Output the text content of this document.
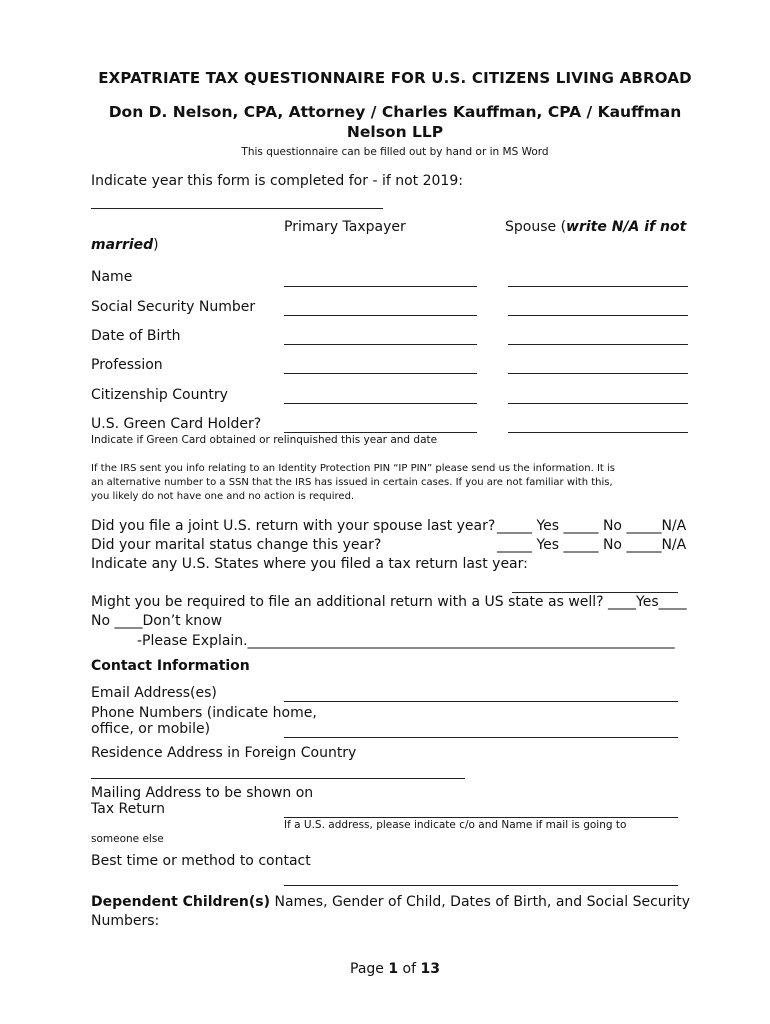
EXPATRIATE TAX QUESTIONNAIRE FOR U.S. CITIZENS LIVING ABROAD
Don D. Nelson, CPA, Attorney / Charles Kauffman, CPA / Kauffman
Nelson LLP
This questionnaire can be filled out by hand or in MS Word
Indicate year this form is completed for - if not 2019:
Primary Taxpayer	Spouse (write N/A if not
married)
Name
Social Security Number
Date of Birth
Profession
Citizenship Country
U.S. Green Card Holder?
Indicate if Green Card obtained or relinquished this year and date
If the IRS sent you info relating to an Identity Protection PIN “IP PIN” please send us the information. It is
an alternative number to a SSN that the IRS has issued in certain cases. If you are not familiar with this,
you likely do not have one and no action is required.
Did you file a joint U.S. return with your spouse last year? _____ Yes _____ No _____N/A
Did your marital status change this year?	_____ Yes _____ No _____N/A
Indicate any U.S. States where you filed a tax return last year:
Might you be required to file an additional return with a US state as well? ____Yes____
No ____Don’t know
-Please Explain._____________________________________________________________
Contact Information
Email Address(es)
Phone Numbers (indicate home,
office, or mobile)
Residence Address in Foreign Country
Mailing Address to be shown on
Tax Return
If a U.S. address, please indicate c/o and Name if mail is going to
someone else
Best time or method to contact
Dependent Children(s) Names, Gender of Child, Dates of Birth, and Social Security
Numbers:
Page 1 of 13
